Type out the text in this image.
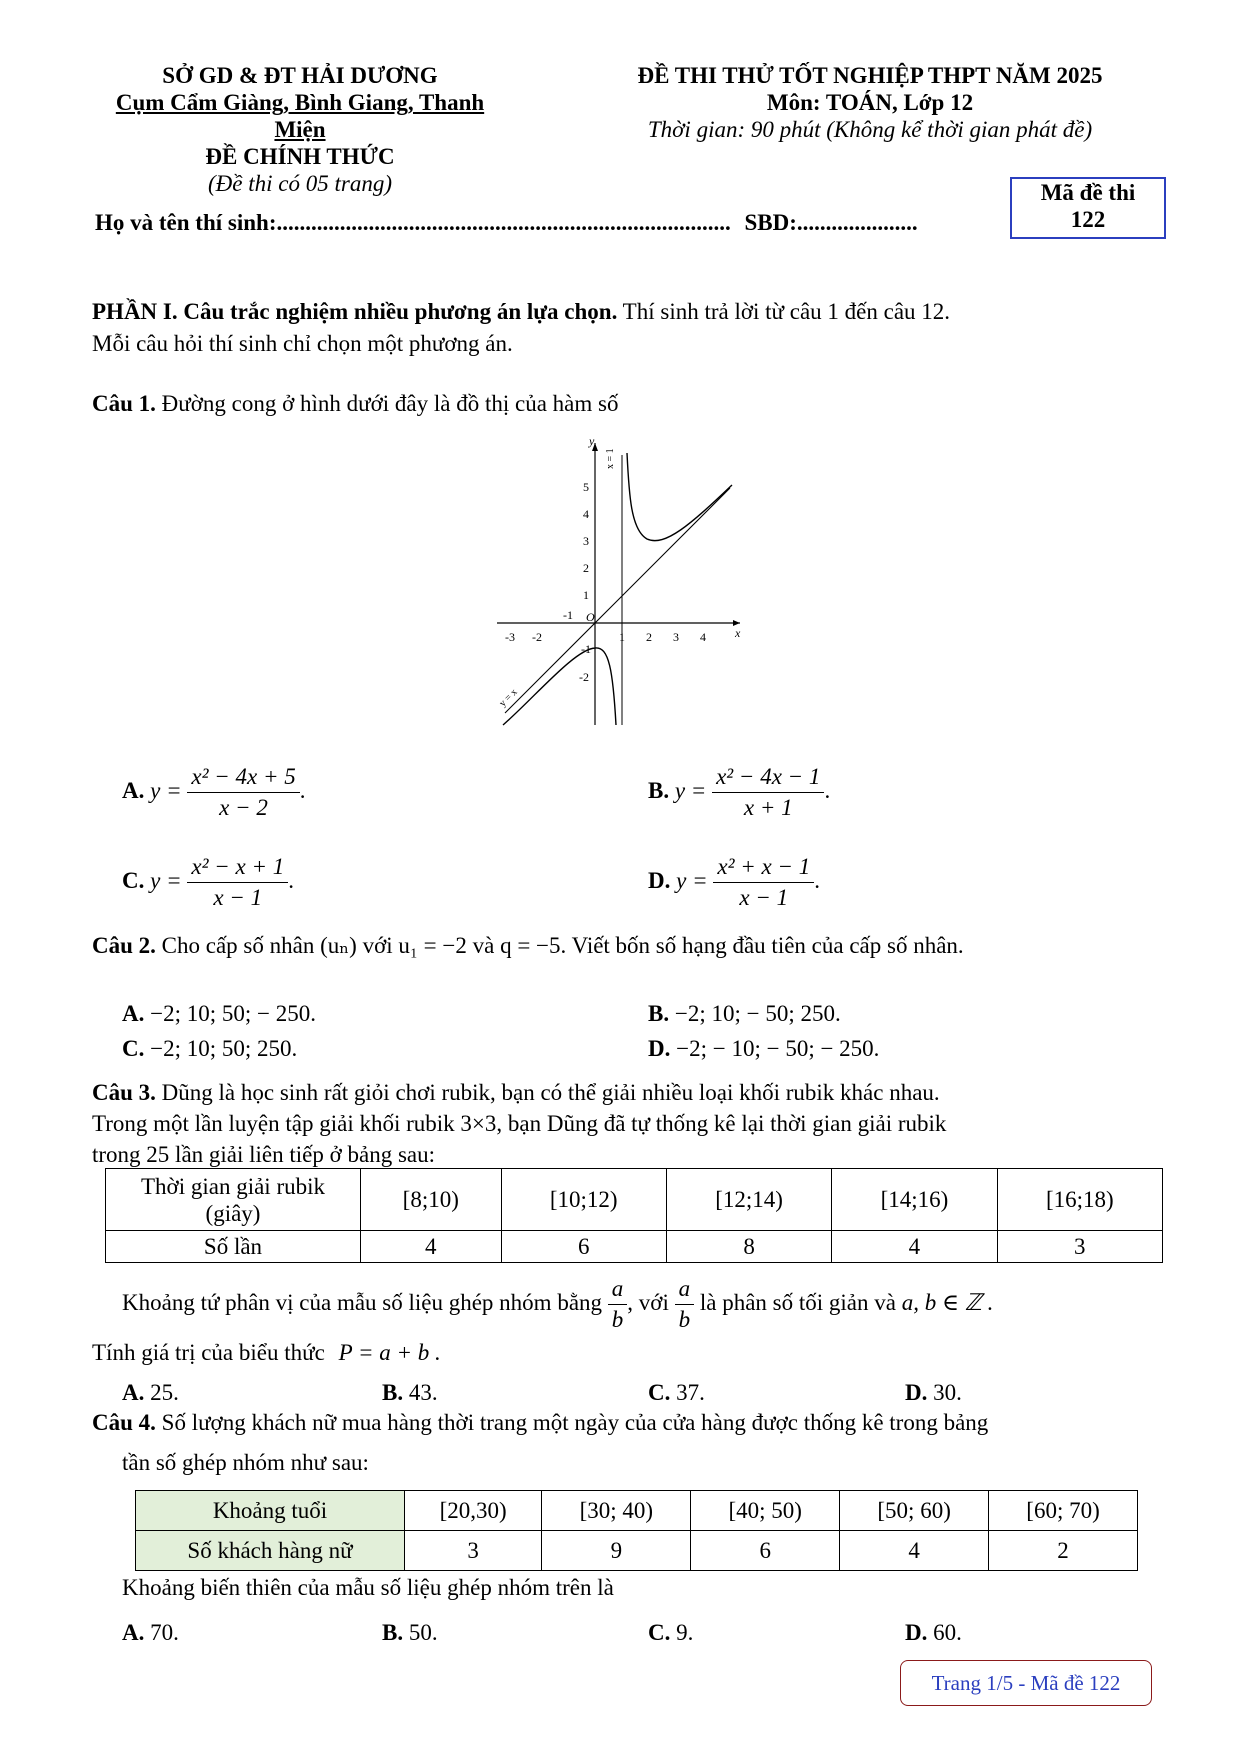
SỞ GD & ĐT HẢI DƯƠNG
Cụm Cẩm Giàng, Bình Giang, Thanh Miện
ĐỀ CHÍNH THỨC
(Đề thi có 05 trang)
ĐỀ THI THỬ TỐT NGHIỆP THPT NĂM 2025
Môn: TOÁN, Lớp 12
Thời gian: 90 phút (Không kể thời gian phát đề)
Mã đề thi
122
Họ và tên thí sinh:............................................................................... SBD:.....................
PHẦN I. Câu trắc nghiệm nhiều phương án lựa chọn. Thí sinh trả lời từ câu 1 đến câu 12.
Mỗi câu hỏi thí sinh chỉ chọn một phương án.
Câu 1. Đường cong ở hình dưới đây là đồ thị của hàm số
y
x
x = 1
y = x
5
4
3
2
1
-1
-2
-3 -2	1 2 3 4
-1 O
A. $y = \frac{\text{x² − 4x + 5}}{x - 2}$ .	B. $y = \frac{\text{x² − 4x − 1}}{x + 1}$ .
C. $y = \frac{\text{x² − x + 1}}{x - 1}$ .	D. $y = \frac{\text{x² + x − 1}}{x - 1}$ .
Câu 2. Cho cấp số nhân (uₙ) với u₁ = −2 và q = −5. Viết bốn số hạng đầu tiên của cấp số nhân.
A. −2; 10; 50; − 250.	B. −2; 10; − 50; 250.
C. −2; 10; 50; 250.	D. −2; − 10; − 50; − 250.
Câu 3. Dũng là học sinh rất giỏi chơi rubik, bạn có thể giải nhiều loại khối rubik khác nhau.
Trong một lần luyện tập giải khối rubik 3×3, bạn Dũng đã tự thống kê lại thời gian giải rubik
trong 25 lần giải liên tiếp ở bảng sau:
Thời gian giải rubik
(giây)	[8;10)	[10;12)	[12;14)	[14;16)	[16;18)
Số lần	4	6	8	4	3
Khoảng tứ phân vị của mẫu số liệu ghép nhóm bằng $\frac{a}{b}$ , với $\frac{a}{b}$ là phân số tối giản và a, b ∈ ℤ .
Tính giá trị của biểu thức P = a + b .
A. 25.	B. 43.	C. 37.	D. 30.
Câu 4. Số lượng khách nữ mua hàng thời trang một ngày của cửa hàng được thống kê trong bảng
tần số ghép nhóm như sau:
Khoảng tuổi	[20,30)	[30; 40)	[40; 50)	[50; 60)	[60; 70)
Số khách hàng nữ	3	9	6	4	2
Khoảng biến thiên của mẫu số liệu ghép nhóm trên là
A. 70.	B. 50.	C. 9.	D. 60.
Trang 1/5 - Mã đề 122
